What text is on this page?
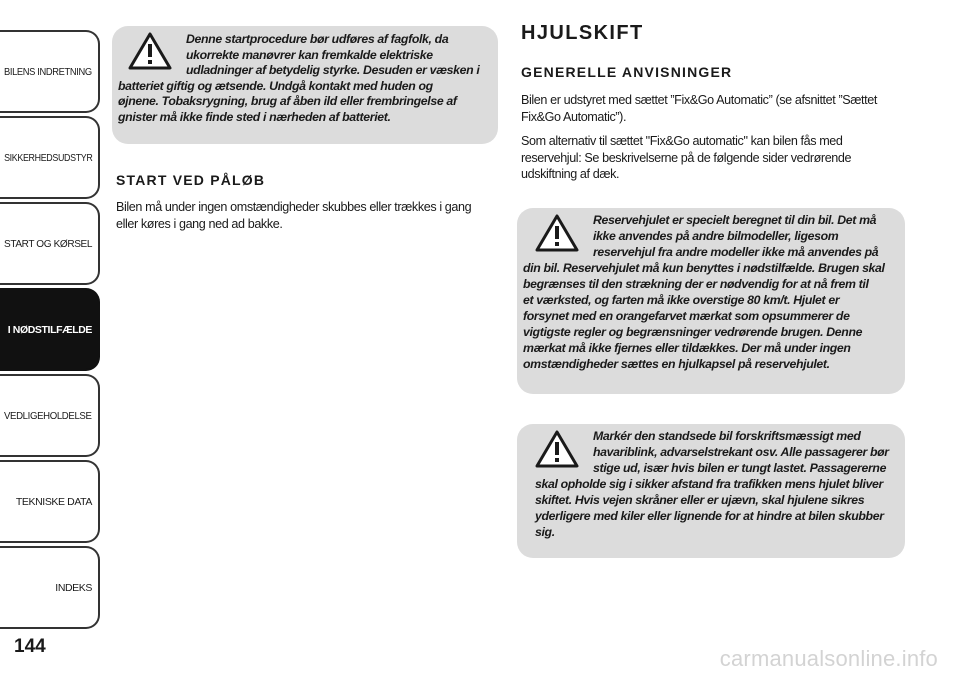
BILENS INDRETNING
SIKKERHEDSUDSTYR
START OG KØRSEL
I NØDSTILFÆLDE
VEDLIGEHOLDELSE
TEKNISKE DATA
INDEKS
144
Denne startprocedure bør udføres af fagfolk, da
ukorrekte manøvrer kan fremkalde elektriske
udladninger af betydelig styrke. Desuden er væsken i
batteriet giftig og ætsende. Undgå kontakt med huden og
øjnene. Tobaksrygning, brug af åben ild eller frembringelse af
gnister må ikke finde sted i nærheden af batteriet.
START VED PÅLØB
Bilen må under ingen omstændigheder skubbes eller trækkes i gang
eller køres i gang ned ad bakke.
HJULSKIFT
GENERELLE ANVISNINGER
Bilen er udstyret med sættet ”Fix&Go Automatic” (se afsnittet ”Sættet
Fix&Go Automatic”).
Som alternativ til sættet "Fix&Go automatic" kan bilen fås med
reservehjul: Se beskrivelserne på de følgende sider vedrørende
udskiftning af dæk.
Reservehjulet er specielt beregnet til din bil. Det må
ikke anvendes på andre bilmodeller, ligesom
reservehjul fra andre modeller ikke må anvendes på
din bil. Reservehjulet må kun benyttes i nødstilfælde. Brugen skal
begrænses til den strækning der er nødvendig for at nå frem til
et værksted, og farten må ikke overstige 80 km/t. Hjulet er
forsynet med en orangefarvet mærkat som opsummerer de
vigtigste regler og begrænsninger vedrørende brugen. Denne
mærkat må ikke fjernes eller tildækkes. Der må under ingen
omstændigheder sættes en hjulkapsel på reservehjulet.
Markér den standsede bil forskriftsmæssigt med
havariblink, advarselstrekant osv. Alle passagerer bør
stige ud, især hvis bilen er tungt lastet. Passagererne
skal opholde sig i sikker afstand fra trafikken mens hjulet bliver
skiftet. Hvis vejen skråner eller er ujævn, skal hjulene sikres
yderligere med kiler eller lignende for at hindre at bilen skubber
sig.
carmanualsonline.info
